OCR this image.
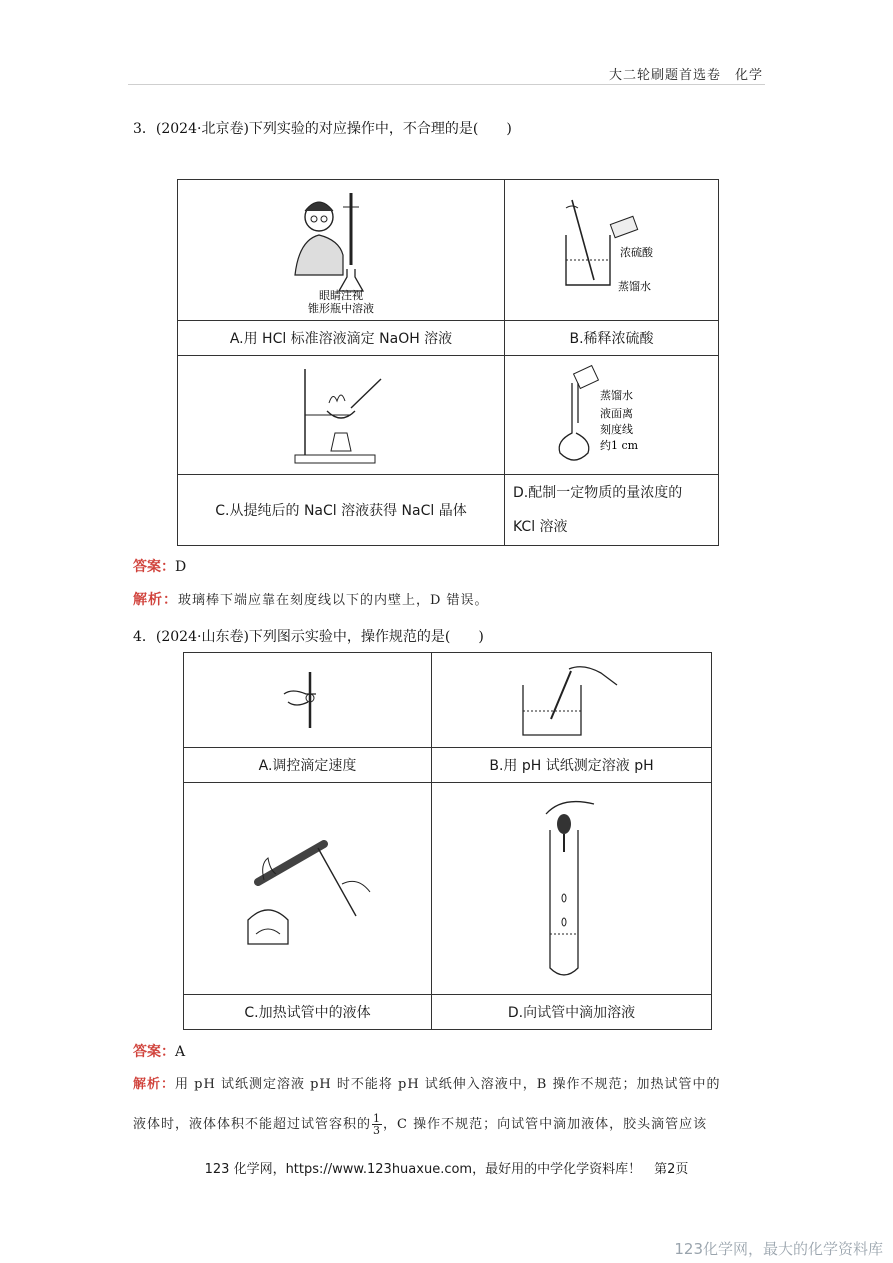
大二轮刷题首选卷　化学
3．(2024·北京卷)下列实验的对应操作中，不合理的是(　　)
眼睛注视
锥形瓶中溶液	浓硫酸
蒸馏水

A.用 HCl 标准溶液滴定 NaOH 溶液	B.稀释浓硫酸

蒸馏水
液面离
刻度线
约1 cm

C.从提纯后的 NaCl 溶液获得 NaCl 晶体	D.配制一定物质的量浓度的
KCl 溶液
答案：D
解析：玻璃棒下端应靠在刻度线以下的内壁上，D 错误。
4．(2024·山东卷)下列图示实验中，操作规范的是(　　)

A.调控滴定速度	B.用 pH 试纸测定溶液 pH

C.加热试管中的液体	D.向试管中滴加溶液
答案：A
解析：用 pH 试纸测定溶液 pH 时不能将 pH 试纸伸入溶液中，B 操作不规范；加热试管中的
液体时，液体体积不能超过试管容积的 $\frac{1}{3}$ ，C 操作不规范；向试管中滴加液体，胶头滴管应该
123 化学网，https://www.123huaxue.com，最好用的中学化学资料库！　第2页
123化学网，最大的化学资料库
